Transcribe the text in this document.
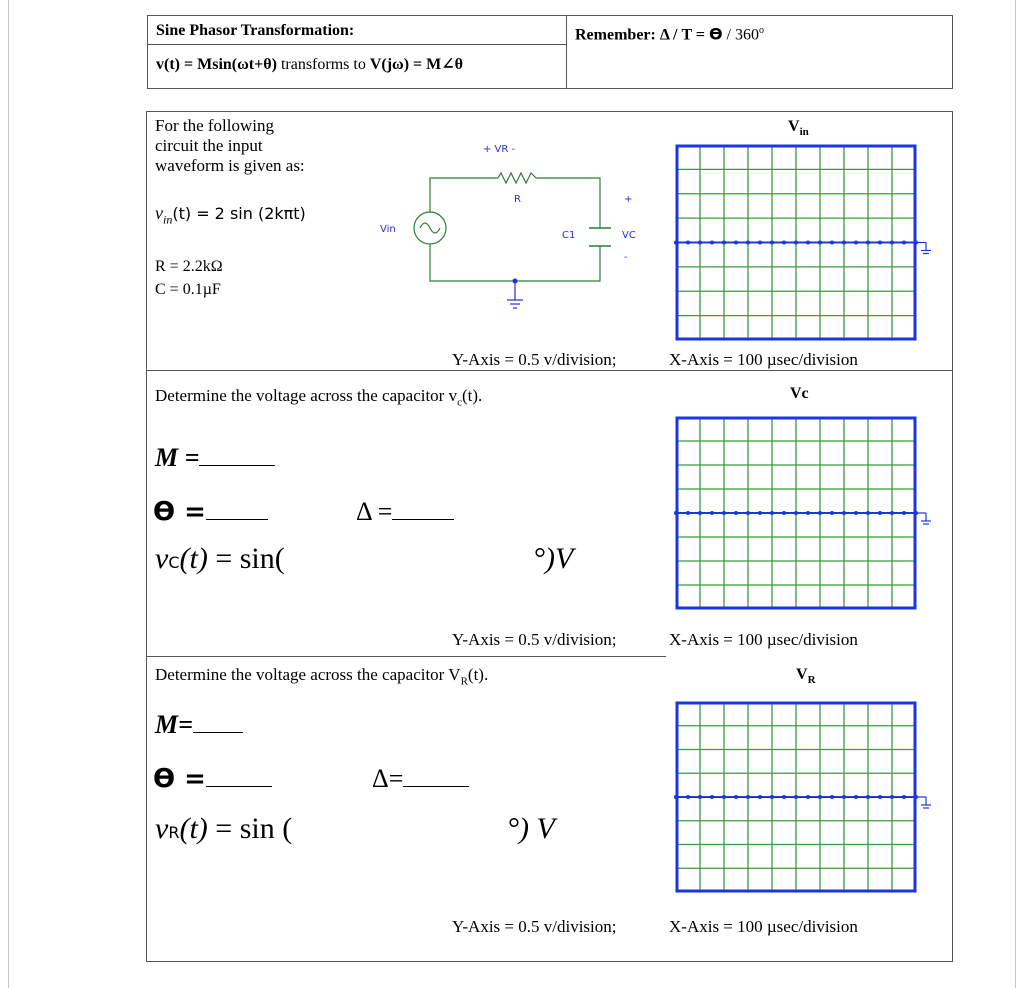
Sine Phasor Transformation:
v(t) = Msin(ωt+θ) transforms to V(jω) = M∠θ
Remember: Δ / T = ϴ / 360$^o$
For the following
circuit the input
waveform is given as:
$v_{in}(t) = 2$ sin (2kπt)
R = 2.2kΩ
C = 0.1µF
+ VR -
R
Vin
C1	VC
+
-
$V_{in}$
Vc
$V_R$
Y-Axis = 0.5 v/division;	X-Axis = 100 µsec/division
Y-Axis = 0.5 v/division;	X-Axis = 100 µsec/division
Y-Axis = 0.5 v/division;	X-Axis = 100 µsec/division
Determine the voltage across the capacitor $v_c(t)$.
M =
ϴ =	Δ =
vC(t) = sin(	°)V
Determine the voltage across the capacitor $V_R(t)$.
M=
ϴ =	Δ=
vR(t) = sin (	°) V
